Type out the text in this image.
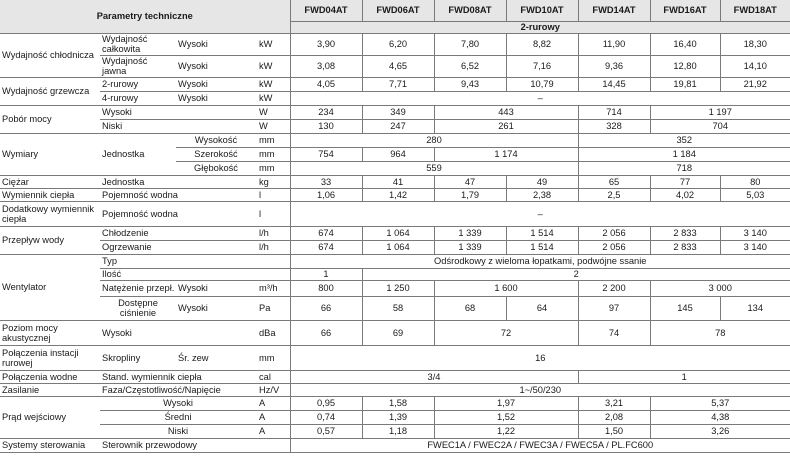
Parametry techniczne				FWD04AT	FWD06AT	FWD08AT	FWD10AT	FWD14AT	FWD16AT	FWD18AT
				2-rurowy						
Wydajność chłodnicza	Wydajność całkowita	Wysoki	kW	3,90	6,20	7,80	8,82	11,90	16,40	18,30
	Wydajność jawna	Wysoki	kW	3,08	4,65	6,52	7,16	9,36	12,80	14,10
Wydajność grzewcza	2-rurowy	Wysoki	kW	4,05	7,71	9,43	10,79	14,45	19,81	21,92
	4-rurowy	Wysoki	kW	–						
Pobór mocy	Wysoki		W	234	349	443		714	1 197	
	Niski		W	130	247	261		328	704	
Wymiary	Jednostka	Wysokość	mm	280				352		
		Szerokość	mm	754	964	1 174		1 184		
		Głębokość	mm	559				718		
Ciężar	Jednostka		kg	33	41	47	49	65	77	80
Wymiennik ciepła	Pojemność wodna		l	1,06	1,42	1,79	2,38	2,5	4,02	5,03
Dodatkowy wymiennik ciepła	Pojemność wodna		l	–						
Przepływ wody	Chłodzenie		l/h	674	1 064	1 339	1 514	2 056	2 833	3 140
	Ogrzewanie		l/h	674	1 064	1 339	1 514	2 056	2 833	3 140
Wentylator	Typ			Odśrodkowy z wieloma łopatkami, podwójne ssanie						
	Ilość			1	2					
	Natężenie przepł.	Wysoki	m³/h	800	1 250	1 600		2 200	3 000	
	Dostępne ciśnienie	Wysoki	Pa	66	58	68	64	97	145	134
Poziom mocy akustycznej	Wysoki		dBa	66	69	72		74	78	
Połączenia instacji rurowej	Skropliny	Śr. zew	mm	16						
Połączenia wodne	Stand. wymiennik ciepła		cal	3/4				1		
Zasilanie	Faza/Częstotliwość/Napięcie		Hz/V	1~/50/230						
Prąd wejściowy	Wysoki		A	0,95	1,58	1,97		3,21	5,37	
	Średni		A	0,74	1,39	1,52		2,08	4,38	
	Niski		A	0,57	1,18	1,22		1,50	3,26	
Systemy sterowania	Sterownik przewodowy			FWEC1A / FWEC2A / FWEC3A / FWEC5A / PL.FC600						
